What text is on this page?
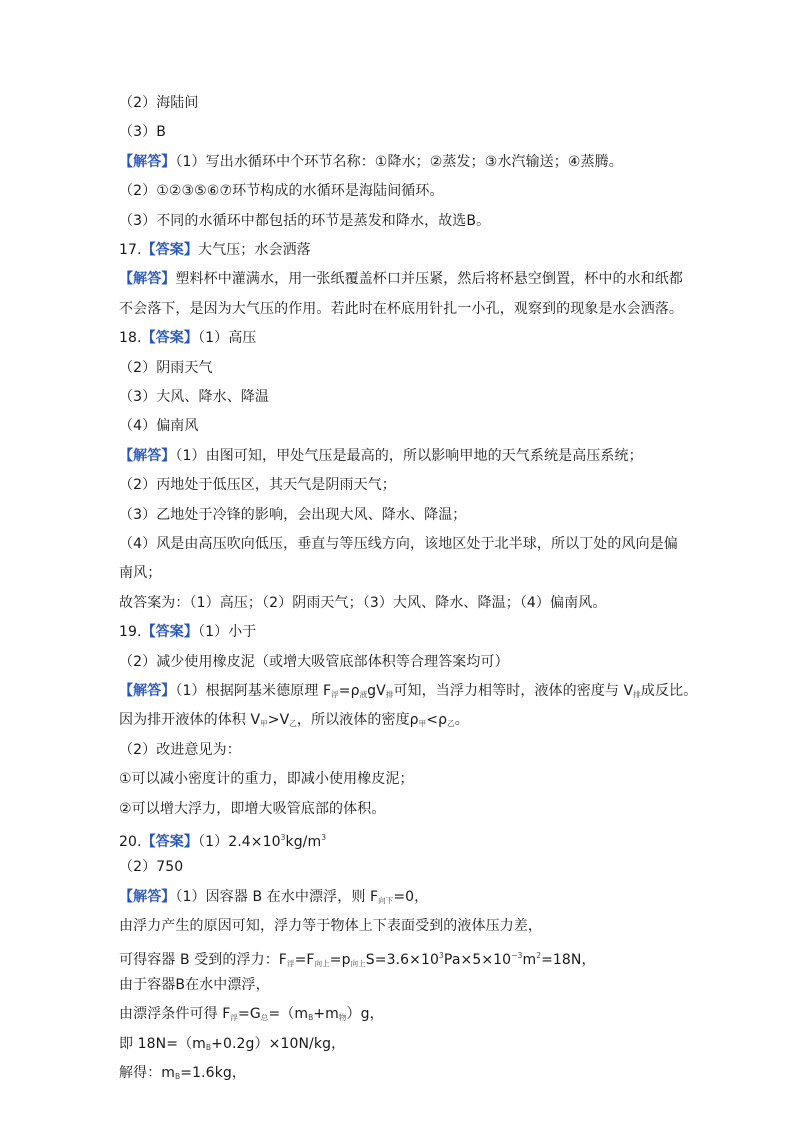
（2）海陆间
（3）B
【解答】（1）写出水循环中个环节名称：①降水；②蒸发；③水汽输送；④蒸腾。
（2）①②③⑤⑥⑦环节构成的水循环是海陆间循环。
（3）不同的水循环中都包括的环节是蒸发和降水，故选B。
17.【答案】大气压；水会洒落
【解答】塑料杯中灌满水，用一张纸覆盖杯口并压紧，然后将杯悬空倒置，杯中的水和纸都
不会落下，是因为大气压的作用。若此时在杯底用针扎一小孔，观察到的现象是水会洒落。
18.【答案】（1）高压
（2）阴雨天气
（3）大风、降水、降温
（4）偏南风
【解答】（1）由图可知，甲处气压是最高的，所以影响甲地的天气系统是高压系统；
（2）丙地处于低压区，其天气是阴雨天气；
（3）乙地处于冷锋的影响，会出现大风、降水、降温；
（4）风是由高压吹向低压，垂直与等压线方向，该地区处于北半球，所以丁处的风向是偏
南风；
故答案为：（1）高压；（2）阴雨天气；（3）大风、降水、降温；（4）偏南风。
19.【答案】（1）小于
（2）减少使用橡皮泥（或增大吸管底部体积等合理答案均可）
【解答】（1）根据阿基米德原理 $F_浮=\rho_液gV_排$可知，当浮力相等时，液体的密度与 $V_排$成反比。
因为排开液体的体积 $V_甲>V_乙$，所以液体的密度$\rho_甲<\rho_乙$。
（2）改进意见为：
①可以减小密度计的重力，即减小使用橡皮泥；
②可以增大浮力，即增大吸管底部的体积。
20.【答案】$(1)2.4\times 10^3kg/m^3$
（2）750
【解答】（1）因容器 B 在水中漂浮，则 $F_{向下}=0$，
由浮力产生的原因可知，浮力等于物体上下表面受到的液体压力差，
可得容器 B 受到的浮力：$F_浮=F_{向上}=p_{向上}S=3.6\times 10^3Pa\times 5\times 10^{-3}m^2=18N$，
由于容器B在水中漂浮，
由漂浮条件可得 $F_浮=G_总=(m_B+m_物)g$，
即 $18N=(m_B+0.2g)\times 10N/kg$，
解得：$m_B=1.6kg$，
